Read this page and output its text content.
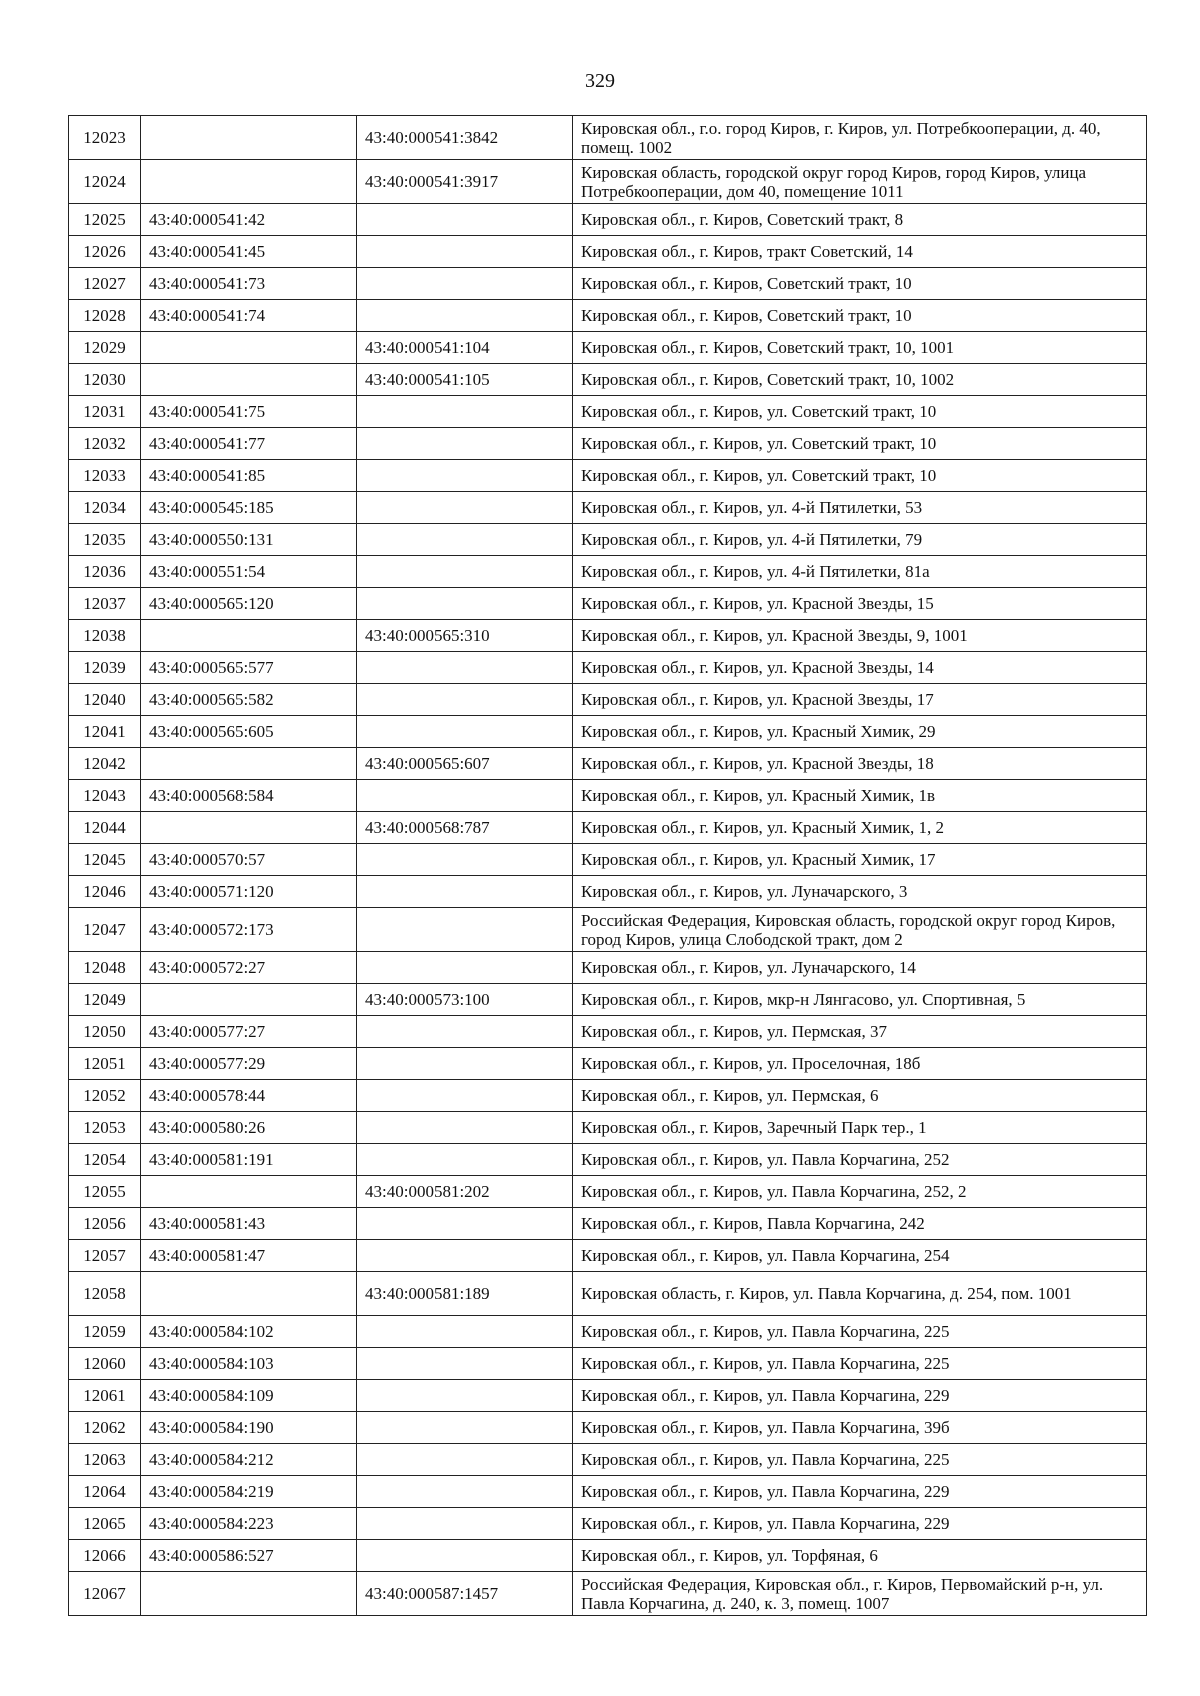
329
12023		43:40:000541:3842	Кировская обл., г.о. город Киров, г. Киров, ул. Потребкооперации, д. 40, помещ. 1002
12024		43:40:000541:3917	Кировская область, городской округ город Киров, город Киров, улица Потребкооперации, дом 40, помещение 1011
12025	43:40:000541:42		Кировская обл., г. Киров, Советский тракт, 8
12026	43:40:000541:45		Кировская обл., г. Киров, тракт Советский, 14
12027	43:40:000541:73		Кировская обл., г. Киров, Советский тракт, 10
12028	43:40:000541:74		Кировская обл., г. Киров, Советский тракт, 10
12029		43:40:000541:104	Кировская обл., г. Киров, Советский тракт, 10, 1001
12030		43:40:000541:105	Кировская обл., г. Киров, Советский тракт, 10, 1002
12031	43:40:000541:75		Кировская обл., г. Киров, ул. Советский тракт, 10
12032	43:40:000541:77		Кировская обл., г. Киров, ул. Советский тракт, 10
12033	43:40:000541:85		Кировская обл., г. Киров, ул. Советский тракт, 10
12034	43:40:000545:185		Кировская обл., г. Киров, ул. 4-й Пятилетки, 53
12035	43:40:000550:131		Кировская обл., г. Киров, ул. 4-й Пятилетки, 79
12036	43:40:000551:54		Кировская обл., г. Киров, ул. 4-й Пятилетки, 81а
12037	43:40:000565:120		Кировская обл., г. Киров, ул. Красной Звезды, 15
12038		43:40:000565:310	Кировская обл., г. Киров, ул. Красной Звезды, 9, 1001
12039	43:40:000565:577		Кировская обл., г. Киров, ул. Красной Звезды, 14
12040	43:40:000565:582		Кировская обл., г. Киров, ул. Красной Звезды, 17
12041	43:40:000565:605		Кировская обл., г. Киров, ул. Красный Химик, 29
12042		43:40:000565:607	Кировская обл., г. Киров, ул. Красной Звезды, 18
12043	43:40:000568:584		Кировская обл., г. Киров, ул. Красный Химик, 1в
12044		43:40:000568:787	Кировская обл., г. Киров, ул. Красный Химик, 1, 2
12045	43:40:000570:57		Кировская обл., г. Киров, ул. Красный Химик, 17
12046	43:40:000571:120		Кировская обл., г. Киров, ул. Луначарского, 3
12047	43:40:000572:173		Российская Федерация, Кировская область, городской округ город Киров, город Киров, улица Слободской тракт, дом 2
12048	43:40:000572:27		Кировская обл., г. Киров, ул. Луначарского, 14
12049		43:40:000573:100	Кировская обл., г. Киров, мкр-н Лянгасово, ул. Спортивная, 5
12050	43:40:000577:27		Кировская обл., г. Киров, ул. Пермская, 37
12051	43:40:000577:29		Кировская обл., г. Киров, ул. Проселочная, 18б
12052	43:40:000578:44		Кировская обл., г. Киров, ул. Пермская, 6
12053	43:40:000580:26		Кировская обл., г. Киров, Заречный Парк тер., 1
12054	43:40:000581:191		Кировская обл., г. Киров, ул. Павла Корчагина, 252
12055		43:40:000581:202	Кировская обл., г. Киров, ул. Павла Корчагина, 252, 2
12056	43:40:000581:43		Кировская обл., г. Киров, Павла Корчагина, 242
12057	43:40:000581:47		Кировская обл., г. Киров, ул. Павла Корчагина, 254
12058		43:40:000581:189	Кировская область, г. Киров, ул. Павла Корчагина, д. 254, пом. 1001
12059	43:40:000584:102		Кировская обл., г. Киров, ул. Павла Корчагина, 225
12060	43:40:000584:103		Кировская обл., г. Киров, ул. Павла Корчагина, 225
12061	43:40:000584:109		Кировская обл., г. Киров, ул. Павла Корчагина, 229
12062	43:40:000584:190		Кировская обл., г. Киров, ул. Павла Корчагина, 39б
12063	43:40:000584:212		Кировская обл., г. Киров, ул. Павла Корчагина, 225
12064	43:40:000584:219		Кировская обл., г. Киров, ул. Павла Корчагина, 229
12065	43:40:000584:223		Кировская обл., г. Киров, ул. Павла Корчагина, 229
12066	43:40:000586:527		Кировская обл., г. Киров, ул. Торфяная, 6
12067		43:40:000587:1457	Российская Федерация, Кировская обл., г. Киров, Первомайский р-н, ул. Павла Корчагина, д. 240, к. 3, помещ. 1007
